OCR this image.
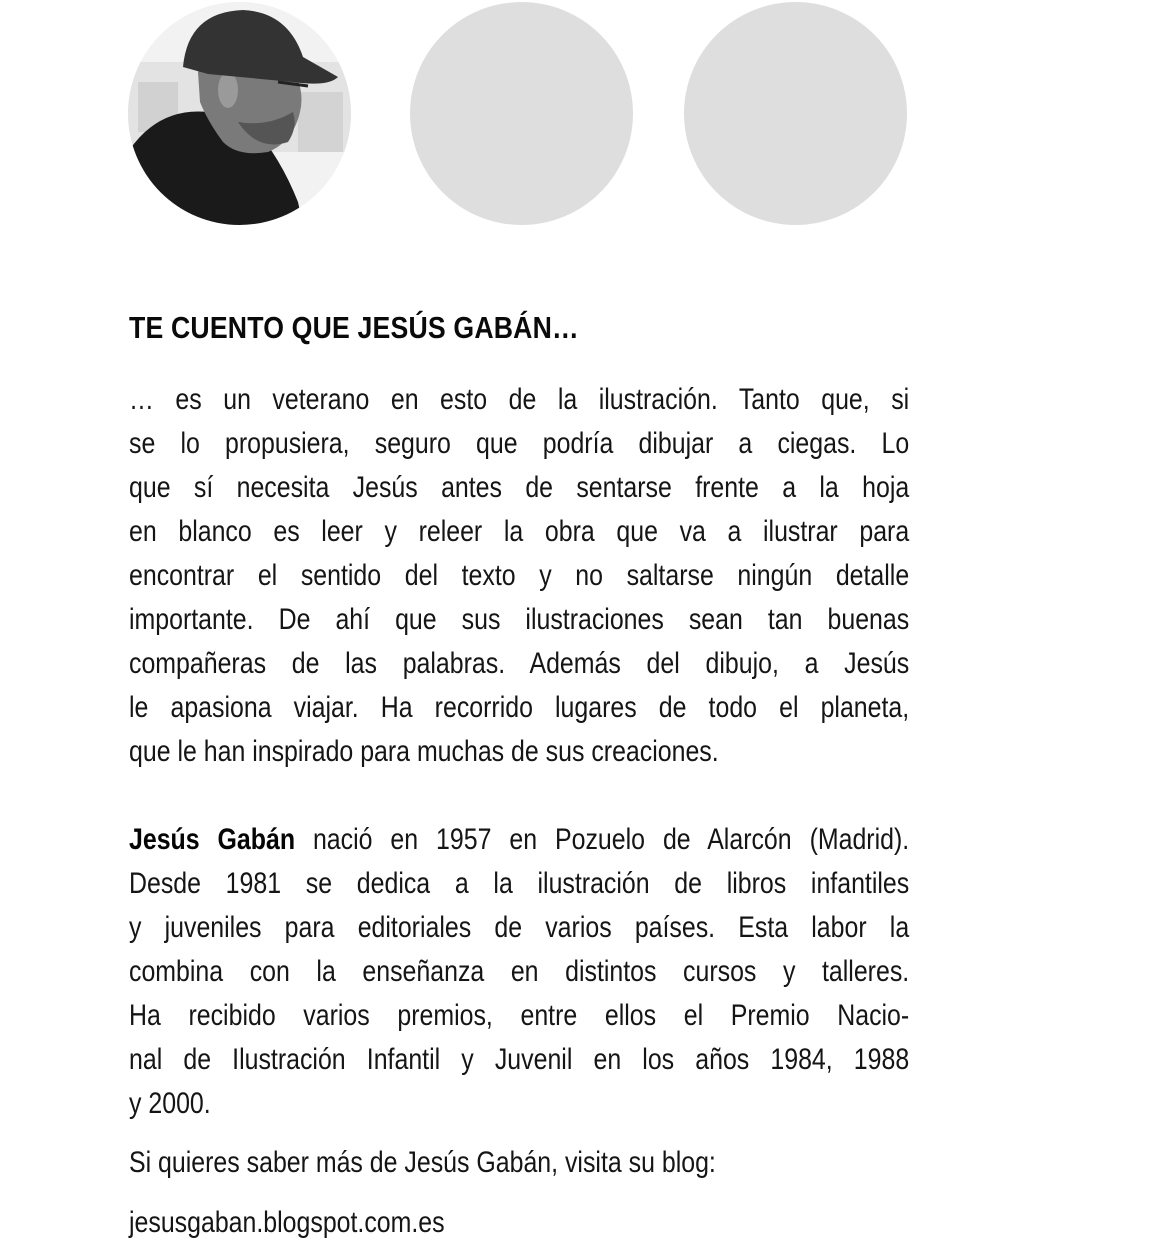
TE CUENTO QUE JESÚS GABÁN…

… es un veterano en esto de la ilustración. Tanto que, si
se lo propusiera, seguro que podría dibujar a ciegas. Lo
que sí necesita Jesús antes de sentarse frente a la hoja
en blanco es leer y releer la obra que va a ilustrar para
encontrar el sentido del texto y no saltarse ningún detalle
importante. De ahí que sus ilustraciones sean tan buenas
compañeras de las palabras. Además del dibujo, a Jesús
le apasiona viajar. Ha recorrido lugares de todo el planeta,
que le han inspirado para muchas de sus creaciones.

Jesús Gabán nació en 1957 en Pozuelo de Alarcón (Madrid).
Desde 1981 se dedica a la ilustración de libros infantiles
y juveniles para editoriales de varios países. Esta labor la
combina con la enseñanza en distintos cursos y talleres.
Ha recibido varios premios, entre ellos el Premio Nacio-
nal de Ilustración Infantil y Juvenil en los años 1984, 1988
y 2000.

Si quieres saber más de Jesús Gabán, visita su blog:

jesusgaban.blogspot.com.es
